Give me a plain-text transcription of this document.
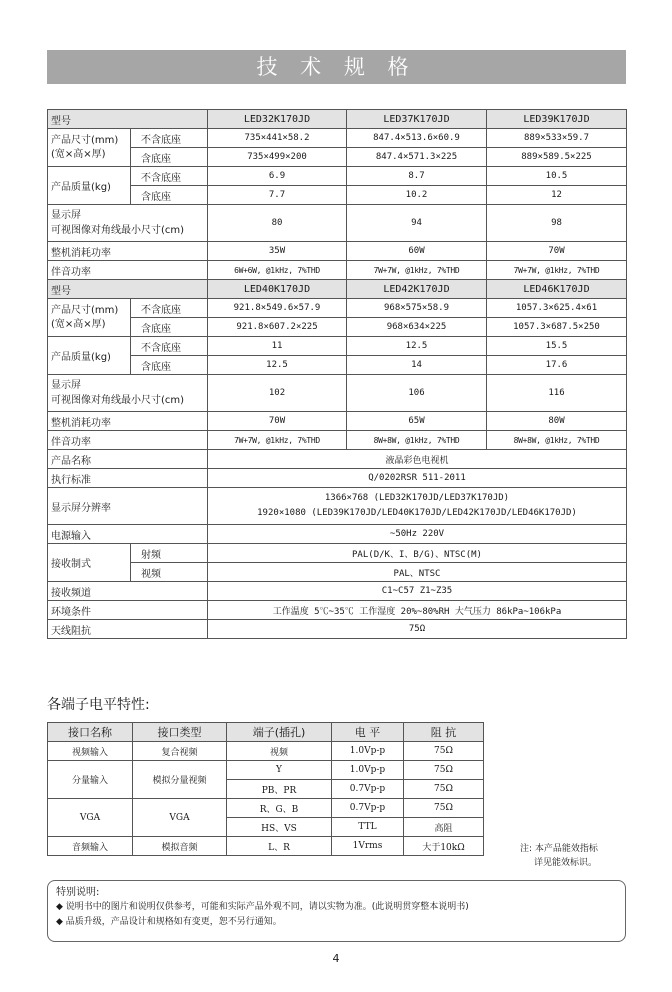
技 术 规 格
型号		LED32K170JD	LED37K170JD	LED39K170JD
产品尺寸(mm)
(宽×高×厚)	不含底座	735×441×58.2	847.4×513.6×60.9	889×533×59.7
	含底座	735×499×200	847.4×571.3×225	889×589.5×225
产品质量(kg)	不含底座	6.9	8.7	10.5
	含底座	7.7	10.2	12
显示屏
可视图像对角线最小尺寸(cm)		80	94	98
整机消耗功率		35W	60W	70W
伴音功率		6W+6W, @1kHz, 7%THD	7W+7W, @1kHz, 7%THD	7W+7W, @1kHz, 7%THD
型号		LED40K170JD	LED42K170JD	LED46K170JD
产品尺寸(mm)
(宽×高×厚)	不含底座	921.8×549.6×57.9	968×575×58.9	1057.3×625.4×61
	含底座	921.8×607.2×225	968×634×225	1057.3×687.5×250
产品质量(kg)	不含底座	11	12.5	15.5
	含底座	12.5	14	17.6
显示屏
可视图像对角线最小尺寸(cm)		102	106	116
整机消耗功率		70W	65W	80W
伴音功率		7W+7W, @1kHz, 7%THD	8W+8W, @1kHz, 7%THD	8W+8W, @1kHz, 7%THD
产品名称		液晶彩色电视机		
执行标准		Q/0202RSR 511-2011		
显示屏分辨率		1366×768 (LED32K170JD/LED37K170JD)
1920×1080 (LED39K170JD/LED40K170JD/LED42K170JD/LED46K170JD)		

电源输入		~50Hz 220V		
接收制式	射频	PAL(D/K、I、B/G)、NTSC(M)		
	视频	PAL、NTSC		
接收频道		C1~C57 Z1~Z35		
环境条件		工作温度 5℃~35℃ 工作湿度 20%~80%RH 大气压力 86kPa~106kPa		
天线阻抗		75Ω		
各端子电平特性:
接口名称	接口类型	端子(插孔)	电 平	阻 抗
视频输入	复合视频	视频	1.0Vp-p	75Ω
分量输入	模拟分量视频	Y	1.0Vp-p	75Ω
		PB、PR	0.7Vp-p	75Ω
VGA	VGA	R、G、B	0.7Vp-p	75Ω
		HS、VS	TTL	高阻
音频输入	模拟音频	L、R	1Vrms	大于10kΩ	注: 本产品能效指标
详见能效标识。
特别说明:
◆ 说明书中的图片和说明仅供参考，可能和实际产品外观不同，请以实物为准。(此说明贯穿整本说明书)
◆ 品质升级，产品设计和规格如有变更，恕不另行通知。
4
